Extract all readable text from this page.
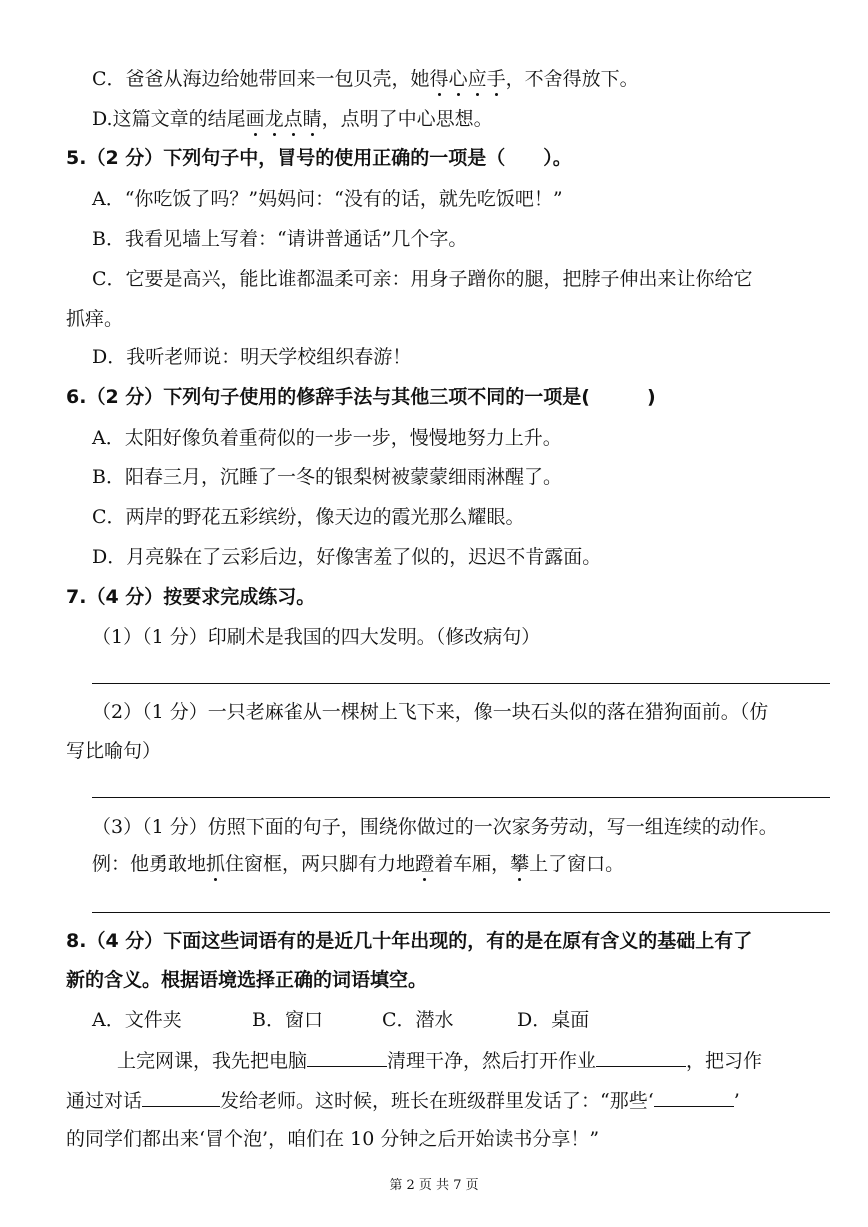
C．爸爸从海边给她带回来一包贝壳，她得心应手，不舍得放下。
D.这篇文章的结尾画龙点睛，点明了中心思想。
5.（2 分）下列句子中，冒号的使用正确的一项是（　　）。
A．“你吃饭了吗？”妈妈问：“没有的话，就先吃饭吧！”
B．我看见墙上写着：“请讲普通话”几个字。
C．它要是高兴，能比谁都温柔可亲：用身子蹭你的腿，把脖子伸出来让你给它
抓痒。
D．我听老师说：明天学校组织春游！
6.（2 分）下列句子使用的修辞手法与其他三项不同的一项是(　　　)
A．太阳好像负着重荷似的一步一步，慢慢地努力上升。
B．阳春三月，沉睡了一冬的银梨树被蒙蒙细雨淋醒了。
C．两岸的野花五彩缤纷，像天边的霞光那么耀眼。
D．月亮躲在了云彩后边，好像害羞了似的，迟迟不肯露面。
7.（4 分）按要求完成练习。
（1）（1 分）印刷术是我国的四大发明。（修改病句）
（2）（1 分）一只老麻雀从一棵树上飞下来，像一块石头似的落在猎狗面前。（仿
写比喻句）
（3）（1 分）仿照下面的句子，围绕你做过的一次家务劳动，写一组连续的动作。
例：他勇敢地抓住窗框，两只脚有力地蹬着车厢，攀上了窗口。
8.（4 分）下面这些词语有的是近几十年出现的，有的是在原有含义的基础上有了
新的含义。根据语境选择正确的词语填空。
A．文件夹	B．窗口	C．潜水	D．桌面
上完网课，我先把电脑	清理干净，然后打开作业	，把习作
通过对话	发给老师。这时候，班长在班级群里发话了：“那些‘	’
的同学们都出来‘冒个泡’，咱们在 10 分钟之后开始读书分享！”
第 2 页 共 7 页
